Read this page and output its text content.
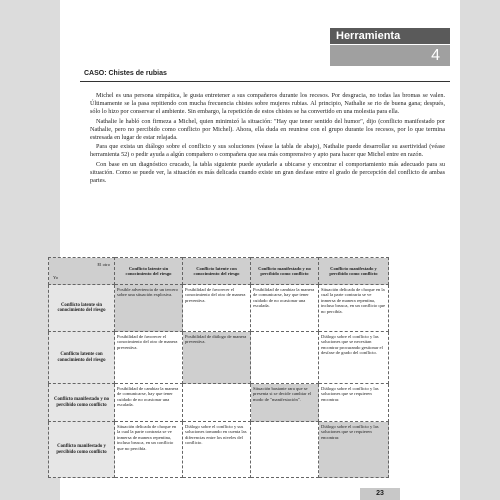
Herramienta
4
CASO: Chistes de rubias

Michel es una persona simpática, le gusta entretener a sus compañeros durante los recesos. Por desgracia, no todas las bromas se valen. Últimamente se la pasa repitiendo con mucha frecuencia chistes sobre mujeres rubias. Al principio, Nathalie se rio de buena gana; después, sólo lo hizo por conservar el ambiente. Sin embargo, la repetición de estos chistes se ha convertido en una molestia para ella.

Nathalie le habló con firmeza a Michel, quien minimizó la situación: "Hay que tener sentido del humor", dijo (conflicto manifestado por Nathalie, pero no percibido como conflicto por Michel). Ahora, ella duda en reunirse con el grupo durante los recesos, por lo que termina estresada en lugar de estar relajada.

Para que exista un diálogo sobre el conflicto y sus soluciones (véase la tabla de abajo), Nathalie puede desarrollar su asertividad (véase herramienta 52) o pedir ayuda a algún compañero o compañera que sea más comprensivo y apto para hacer que Michel entre en razón.

Con base en un diagnóstico crucado, la tabla siguiente puede ayudarle a ubicarse y encontrar el comportamiento más adecuado para su situación. Como se puede ver, la situación es más delicada cuando existe un gran desfase entre el grado de percepción del conflicto de ambas partes.

El otro
Yo	Conflicto latente sin conocimiento del riesgo	Conflicto latente con conocimiento del riesgo	Conflicto manifestado y no percibido como conflicto	Conflicto manifestado y percibido como conflicto
Conflicto latente sin conocimiento del riesgo	Posible advertencia de un tercero sobre una situación explosiva.	Posibilidad de favorecer el conocimiento del otro de manera preventiva.	Posibilidad de cambiar la manera de comunicarse, hay que tener cuidado de no ocasionar una escalada.	Situación delicada de choque en la cual la parte contraria se ve inmersa de manera repentina, incluso brusca, en un conflicto que no percibía.
Conflicto latente con conocimiento del riesgo	Posibilidad de favorecer el conocimiento del otro de manera preventiva.	Posibilidad de diálogo de manera preventiva.		Diálogo sobre el conflicto y las soluciones que se necesitan encontrar procurando gestionar el desfase de grado del conflicto.
Conflicto manifestado y no percibido como conflicto	Posibilidad de cambiar la manera de comunicarse, hay que tener cuidado de no ocasionar una escalada.		Situación bastante rara que se presenta si se decide cambiar el modo de "manifestación".	Diálogo sobre el conflicto y las soluciones que se requieren encontrar.
Conflicto manifestado y percibido como conflicto	Situación delicada de choque en la cual la parte contraria se ve inmersa de manera repentina, incluso brusca, en un conflicto que no percibía.	Diálogo sobre el conflicto y sus soluciones tomando en cuenta las diferencias entre los niveles del conflicto.		Diálogo sobre el conflicto y las soluciones que se requieren encontrar.
23
